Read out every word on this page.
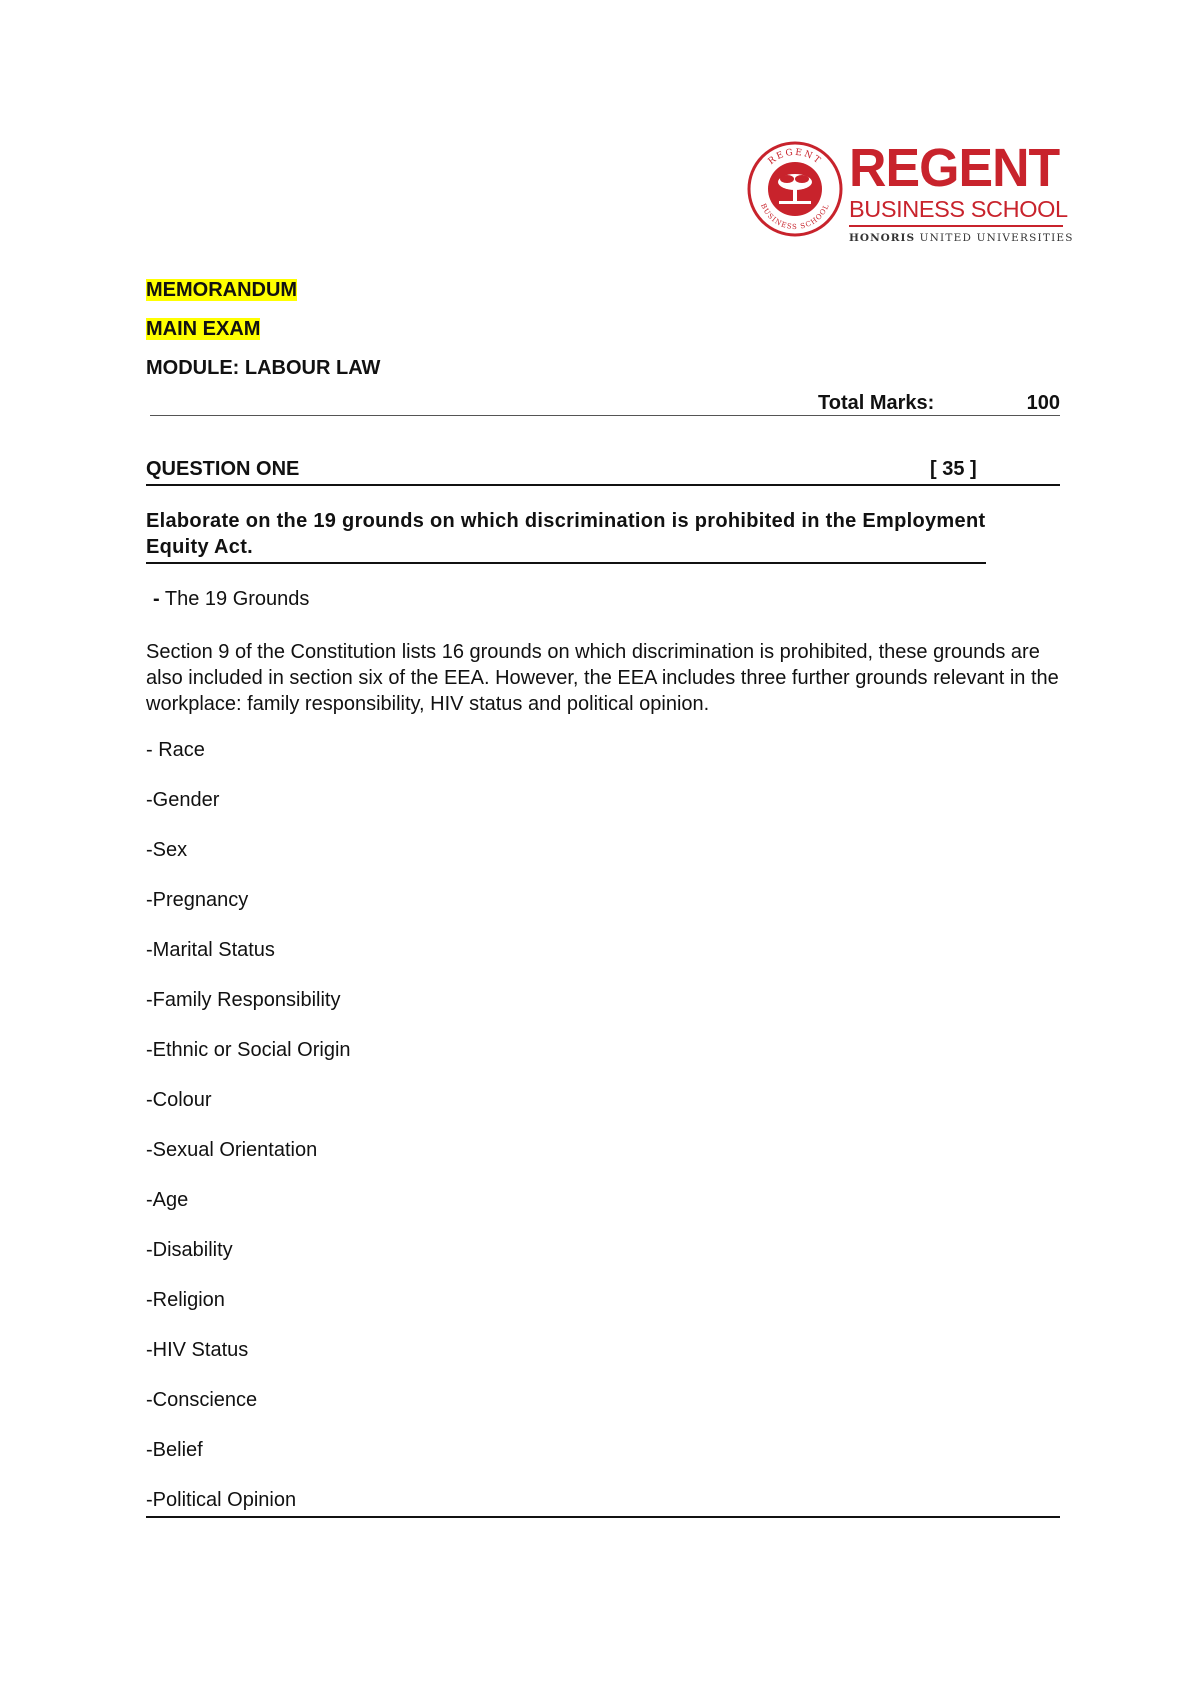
REGENT
BUSINESS SCHOOL
REGENT
BUSINESS SCHOOL
HONORIS UNITED UNIVERSITIES
MEMORANDUM
MAIN EXAM
MODULE: LABOUR LAW
Total Marks:	100
QUESTION ONE	[ 35 ]
Elaborate on the 19 grounds on which discrimination is prohibited in the Employment Equity Act.
- The 19 Grounds
Section 9 of the Constitution lists 16 grounds on which discrimination is prohibited, these grounds are also included in section six of the EEA. However, the EEA includes three further grounds relevant in the workplace: family responsibility, HIV status and political opinion.
- Race
-Gender
-Sex
-Pregnancy
-Marital Status
-Family Responsibility
-Ethnic or Social Origin
-Colour
-Sexual Orientation
-Age
-Disability
-Religion
-HIV Status
-Conscience
-Belief
-Political Opinion
